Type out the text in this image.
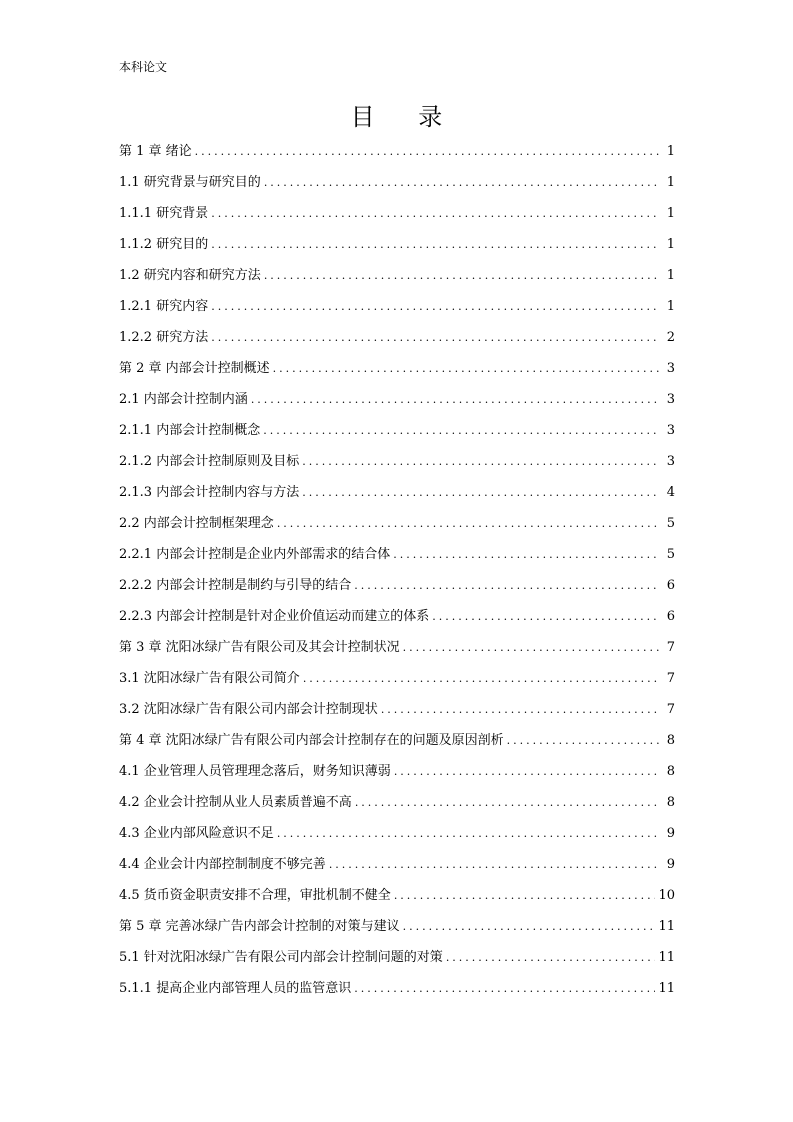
本科论文
目 录
第 1 章 绪论 .....	1
1.1 研究背景与研究目的 .....	1
1.1.1 研究背景 .....	1
1.1.2 研究目的 .....	1
1.2 研究内容和研究方法 .....	1
1.2.1 研究内容 .....	1
1.2.2 研究方法 .....	2
第 2 章 内部会计控制概述 .....	3
2.1 内部会计控制内涵 .....	3
2.1.1 内部会计控制概念 .....	3
2.1.2 内部会计控制原则及目标 .....	3
2.1.3 内部会计控制内容与方法 .....	4
2.2 内部会计控制框架理念 .....	5
2.2.1 内部会计控制是企业内外部需求的结合体 .....	5
2.2.2 内部会计控制是制约与引导的结合 .....	6
2.2.3 内部会计控制是针对企业价值运动而建立的体系 .....	6
第 3 章 沈阳冰绿广告有限公司及其会计控制状况 .....	7
3.1 沈阳冰绿广告有限公司简介 .....	7
3.2 沈阳冰绿广告有限公司内部会计控制现状 .....	7
第 4 章 沈阳冰绿广告有限公司内部会计控制存在的问题及原因剖析 .....	8
4.1 企业管理人员管理理念落后，财务知识薄弱 .....	8
4.2 企业会计控制从业人员素质普遍不高 .....	8
4.3 企业内部风险意识不足 .....	9
4.4 企业会计内部控制制度不够完善 .....	9
4.5 货币资金职责安排不合理，审批机制不健全 .....	10
第 5 章 完善冰绿广告内部会计控制的对策与建议 .....	11
5.1 针对沈阳冰绿广告有限公司内部会计控制问题的对策 .....	11
5.1.1 提高企业内部管理人员的监管意识 .....	11
